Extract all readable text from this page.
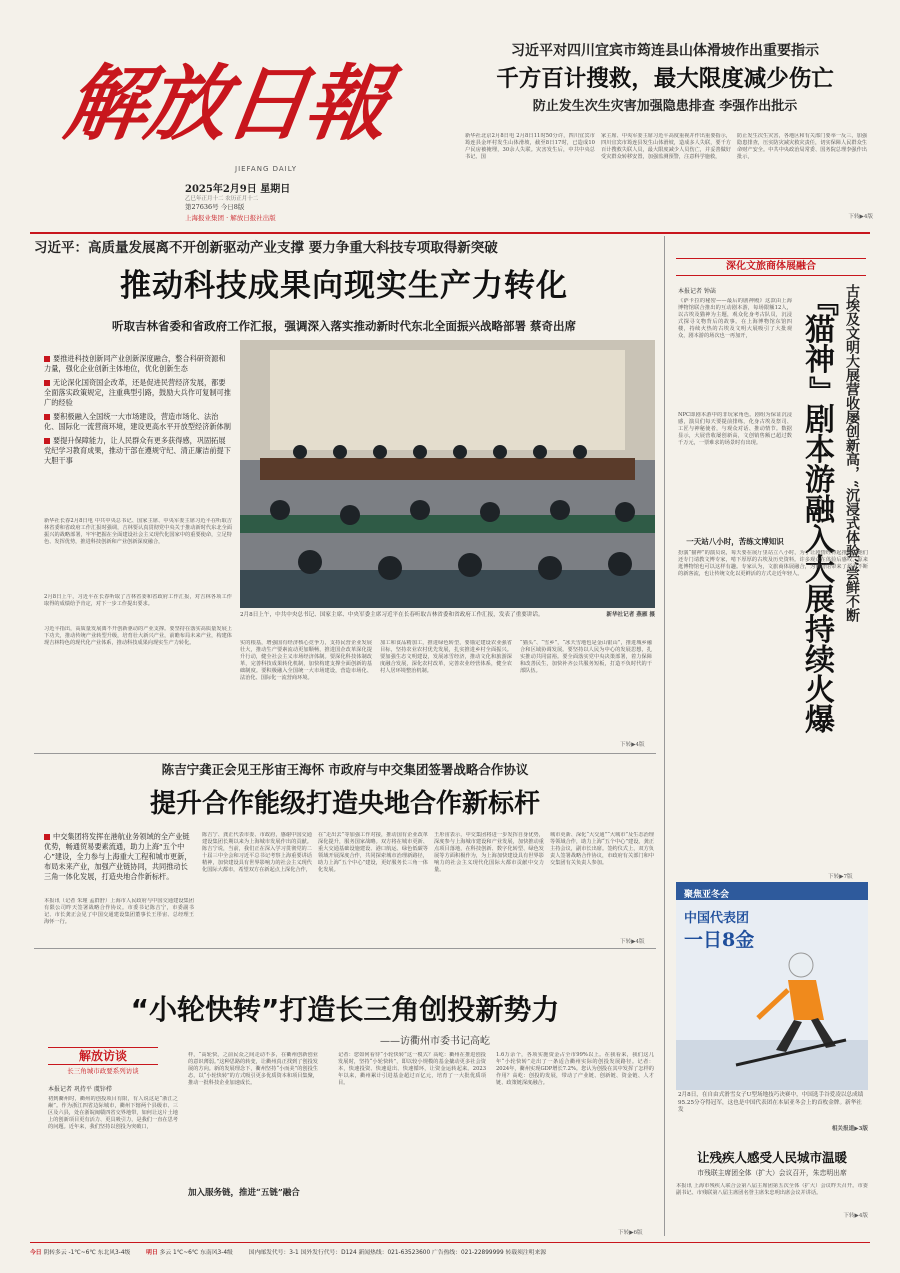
解放日報
JIEFANG DAILY
2025年2月9日 星期日
乙巳年正月十二 农历正月十二
第27636号 今日8版
上海报业集团 · 解放日报社出版
习近平对四川宜宾市筠连县山体滑坡作出重要指示
千方百计搜救，最大限度减少伤亡
防止发生次生灾害加强隐患排查 李强作出批示
新华社北京2月8日电 2月8日11时50分许，四川宜宾市筠连县金坪村发生山体滑坡，截至8日17时，已造成10户民房被掩埋，30余人失联。灾害发生后，中共中央总书记、国
家主席、中央军委主席习近平高度重视并作出重要指示，四川宜宾市筠连县发生山体滑坡，造成多人失联，要千方百计搜救失联人员，最大限度减少人员伤亡，并妥善做好受灾群众转移安置，加强监测预警，注意科学施救，
防止发生次生灾害，各地区和有关部门要举一反三，加强隐患排查，压实防灾减灾救灾责任，切实保障人民群众生命财产安全。中共中央政治局常委、国务院总理李强作出批示，
下转▶4版
习近平：高质量发展离不开创新驱动产业支撑 要力争重大科技专项取得新突破
推动科技成果向现实生产力转化
听取吉林省委和省政府工作汇报，强调深入落实推动新时代东北全面振兴战略部署 蔡奇出席
要推进科技创新同产业创新深度融合，整合科研资源和力量，强化企业创新主体地位，优化创新生态
无论深化国资国企改革，还是促进民营经济发展，都要全面落实政策规定，注重典型引路，鼓励大兵作可复制可推广的经验
要积极融入全国统一大市场建设，营造市场化、法治化、国际化一流营商环境，建设更高水平开放型经济新体制
要提升保障能力，让人民群众有更多获得感，巩固拓展党纪学习教育成果，推动干部在遵规守纪、清正廉洁前提下大胆干事
新华社长春2月8日电 中共中央总书记、国家主席、中央军委主席习近平在听取吉林省委和省政府工作汇报时强调，吉林要认真贯彻党中央关于推动新时代东北全面振兴的战略部署，牢牢把握在全面建设社会主义现代化国家中的重要使命，立足特色、发挥优势，推进科技创新和产业创新深度融合，
2月8日上午，习近平在长春听取了吉林省委和省政府工作汇报，对吉林各项工作取得的成绩给予肯定，对下一步工作提出要求。
习近平指出，高质量发展离不开创新驱动的产业支撑。要坚持在落实高质量发展上下功夫，推动传统产业转型升级，培育壮大新兴产业，前瞻布局未来产业，构建体现吉林特色的现代化产业体系，推动科技成果向现实生产力转化。
2月8日上午，中共中央总书记、国家主席、中央军委主席习近平在长春听取吉林省委和省政府工作汇报，发表了重要讲话。	新华社记者 燕雁 摄
实的根基，增强国有经济核心竞争力，支持民营企业发展壮大，推动生产要素流动更加顺畅，推进国企改革深化提升行动，健全社会主义市场经济体制。要深化科技体制改革，完善科技成果转化机制，加快构建支撑全面创新的基础制度。要积极融入全国统一大市场建设，营造市场化、法治化、国际化一流营商环境。
加工和食品精加工，推进绿色转型，要锚定建设农业强省目标，坚持农业农村优先发展，扎实推进乡村全面振兴。要加强生态文明建设，发展冰雪经济，推动文化和旅游深度融合发展，深化农村改革，完善农业经营体系，健全农村人居环境整治机制。
“猫头”、“雪乡”，“冰天雪地也是金山银山”，推进城乡融合和区域协调发展。要坚持以人民为中心的发展思想，扎实推动共同富裕。要全面落实党中央决策部署，着力保障和改善民生，加快补齐公共服务短板，打造不负时代的干部队伍。
下转▶4版
深化文旅商体展融合
古埃及文明大展营收屡创新高，“沉浸式体验”尝鲜不断
『
猫
神
』
剧
本
游
融
入
大
展
持
续
火
爆
本报记者 钟菡
《萨卡拉的秘密——最后的剧神殿》这款由上海博物馆联合推出的互动剧本游，每场限额12人，以古埃及猫神为主题，观众化身考古队员，沉浸式探寻文物背后的故事。在上海博物馆东馆四楼，持续火热的古埃及文明大展吸引了大批观众，剧本游的场次也一再加开，
NPC即剧本游中的非玩家角色。剧组为保证沉浸感，演员们每天要提前排练，化身古埃及祭司、工匠与神秘使者，与观众对话、推动情节。数据显示，大展营收屡创新高，文创销售额已超过数千万元，一票难求的场景时有出现。
一天站八小时，苦练文博知识
扮演“猫神”的演员说，每天要在展厅里站立八小时，为了让剧情经得起推敲，她们还专门请教文博专家，啃下厚厚的古埃及历史资料。许多观众在体验后感叹，原来逛博物馆也可以这样有趣。专家认为，文旅商体展融合，为博物馆带来了源源不断的新客流，也让传统文化以更鲜活的方式走近年轻人。
下转▶7版
陈吉宁龚正会见王彤宙王海怀 市政府与中交集团签署战略合作协议
提升合作能级打造央地合作新标杆
中交集团将发挥在港航业务领域的全产业链优势，畅通贸易要素流通，助力上海“五个中心”建设，全力参与上海重大工程和城市更新，布局未来产业，加强产业链协同，共同推动长三角一体化发展，打造央地合作新标杆。
本报讯（记者 朱瑾 孟群舒）上海市人民政府与中国交通建设集团有限公司昨天签署战略合作协议。市委书记陈吉宁，市委副书记、市长龚正会见了中国交通建设集团董事长王彤宙、总经理王海怀一行。
陈吉宁、龚正代表市委、市政府，感谢中国交通建设集团长期以来为上海城市发展作出的贡献。陈吉宁说，当前，我们正在深入学习贯彻党的二十届三中全会和习近平总书记考察上海重要讲话精神，加快建设具有世界影响力的社会主义现代化国际大都市，希望双方在新起点上深化合作，
在“走出去”等加强工作对接，推动国有企业改革深化提升，服务国家战略。双方将在城市更新、重大交通基础设施建设、港口航运、绿色低碳等领域开展深度合作，共同探索城市治理新路径，助力上海“五个中心”建设，更好服务长三角一体化发展。
王彤宙表示，中交集团将进一步发挥自身优势，深度参与上海城市建设和产业发展，加快推动重点项目落地，在科技创新、数字化转型、绿色发展等方面积极作为，为上海加快建设具有世界影响力的社会主义现代化国际大都市贡献中交力量。
城市更新、深化“大交通”“大城市”及生态治理等领域合作，助力上海“五个中心”建设。龚正主持会议，副市长出席。签约仪式上，双方负责人签署战略合作协议，市政府有关部门和中交集团有关负责人参加。
下转▶4版
“小轮快转”打造长三角创投新势力
——访衢州市委书记高屹
解放访谈
长三角城市政要系列访谈
本报记者 巩持平 虞锌栉
初到衢州时，衢州的创投项目有限，有人说这是“浙江之巅”。作为浙江四省边际城市，衢州下辖两个县级市、三区及六县，处在浙皖闽赣四省交界地带，如何让这片土地上的创新项目更有活力、更具吸引力，是我们一直在思考的问题。近年来，我们坚持以创投为突破口，
样，“高轮快，之前民众之间走动不多，在衢州创新创业的意识薄弱。”这种思路的转变，让衢州真正找到了创投发展的方向。新的发展理念下，衢州坚持“小而美”的创投生态，以“小轮快转”的方式吸引更多优质资本和项目集聚，推动一批科技企业加速成长。
加入服务链，推进“五链”融合
记者：您如何看待“小轮快转”这一模式？高屹：衢州在推进创投发展时，坚持“小轮快转”，即以较小规模的基金撬动更多社会资本，快速投资、快速退出、快速循环，让资金运转起来。2023年以来，衢州累计引进基金超过百亿元，培育了一大批优质项目。
1.6万余个，各项实施资金占全市99%以上。在我看来，我们这几年“小轮快转”走出了一条适合衢州实际的创投发展路径。记者：2024年，衢州实现GDP增长7.2%。您认为创投在其中发挥了怎样的作用？高屹：创投的发展，带动了产业链、创新链、资金链、人才链、政策链深度融合。
下转▶6版
聚焦亚冬会
中国代表团
一日8金
2月8日，在自由式滑雪女子U型场地技巧决赛中，中国选手谷爱凌以总成绩95.25分夺得冠军，这也是中国代表团在本届亚冬会上的首枚金牌。新华社发
相关报道▶3版
让残疾人感受人民城市温暖
市残联主席团全体（扩大）会议召开，朱忠明出席
本报讯 上海市残疾人联合会第八届主席团第五次全体（扩大）会议昨天召开。市委副书记、市残联第八届主席团名誉主席朱忠明出席会议并讲话。
下转▶4版
今日 阴转多云 -1℃~6℃ 东北风3-4级	明日 多云 1℃~6℃ 东南风3-4级	国内邮发代号：3-1 国外发行代号：D124 新闻热线：021-63523600 广告热线：021-22899999 转载须注明来源
